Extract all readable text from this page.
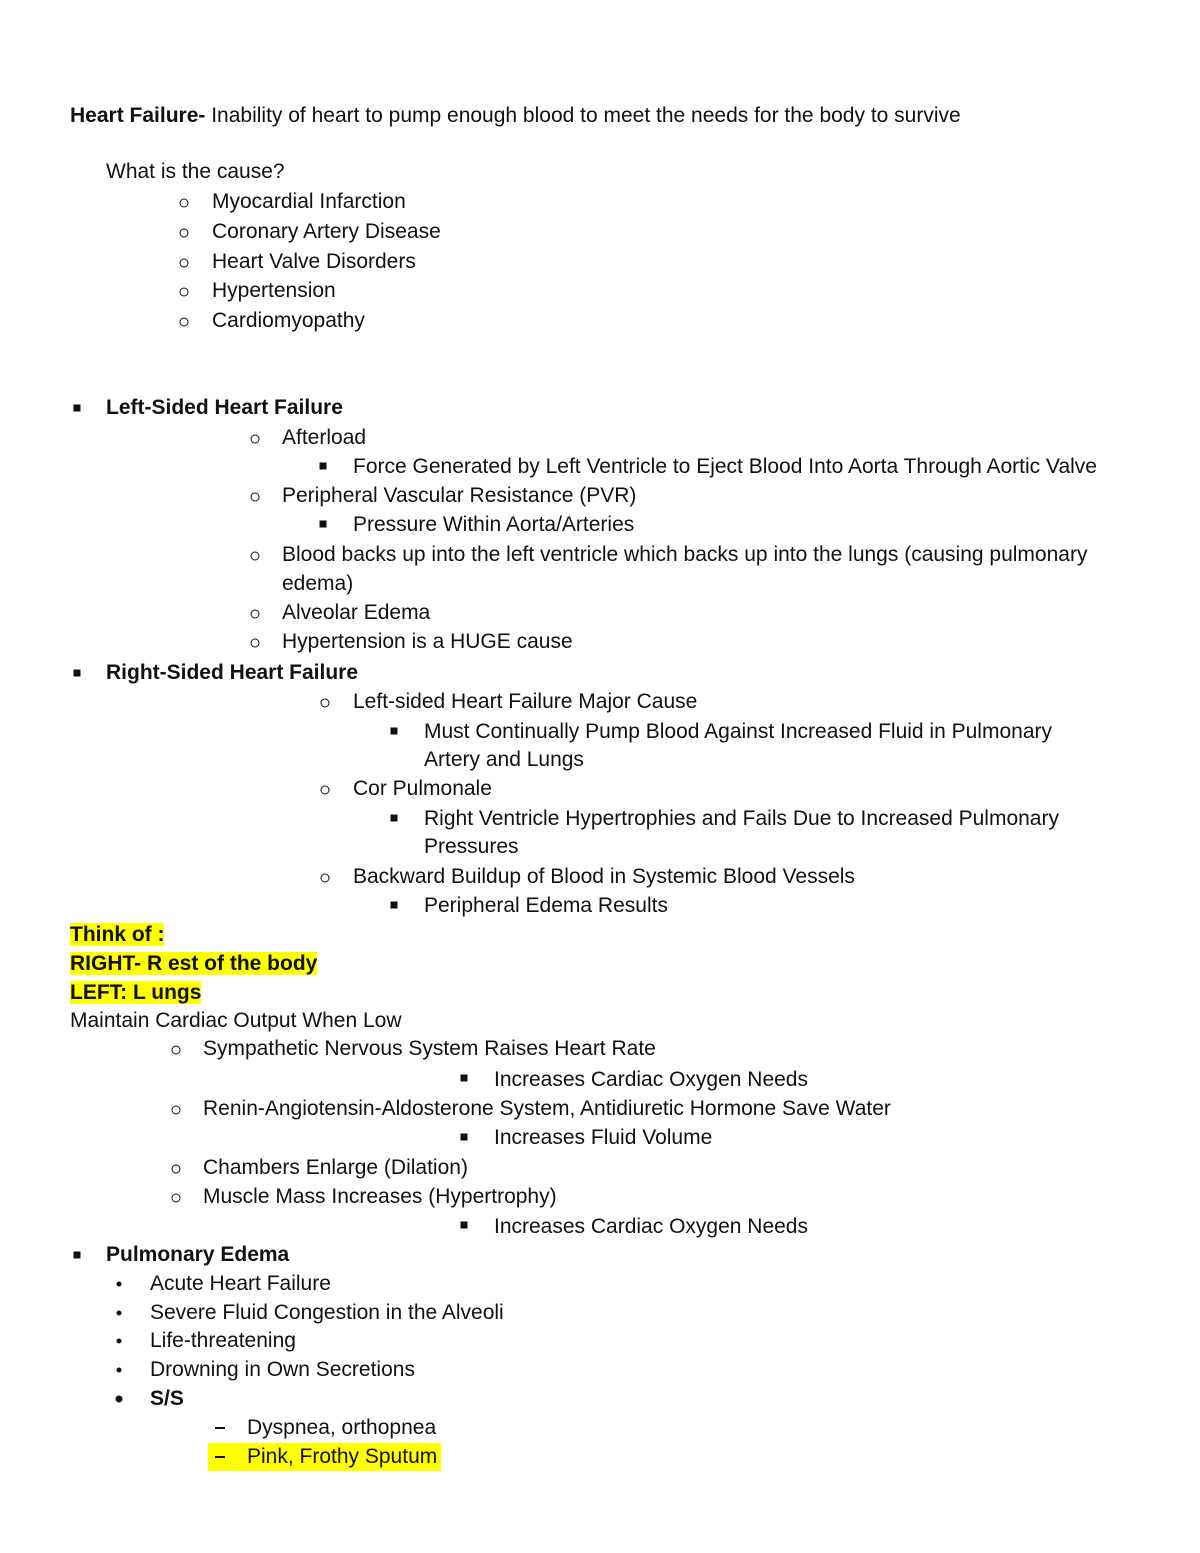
Heart Failure- Inability of heart to pump enough blood to meet the needs for the body to survive
What is the cause?
Myocardial Infarction
Coronary Artery Disease
Heart Valve Disorders
Hypertension
Cardiomyopathy
Left-Sided Heart Failure
Afterload
Force Generated by Left Ventricle to Eject Blood Into Aorta Through Aortic Valve
Peripheral Vascular Resistance (PVR)
Pressure Within Aorta/Arteries
Blood backs up into the left ventricle which backs up into the lungs (causing pulmonary
edema)
Alveolar Edema
Hypertension is a HUGE cause
Right-Sided Heart Failure
Left-sided Heart Failure Major Cause
Must Continually Pump Blood Against Increased Fluid in Pulmonary
Artery and Lungs
Cor Pulmonale
Right Ventricle Hypertrophies and Fails Due to Increased Pulmonary
Pressures
Backward Buildup of Blood in Systemic Blood Vessels
Peripheral Edema Results
Think of :
RIGHT- R est of the body
LEFT: L ungs
Maintain Cardiac Output When Low
Sympathetic Nervous System Raises Heart Rate
Increases Cardiac Oxygen Needs
Renin-Angiotensin-Aldosterone System, Antidiuretic Hormone Save Water
Increases Fluid Volume
Chambers Enlarge (Dilation)
Muscle Mass Increases (Hypertrophy)
Increases Cardiac Oxygen Needs
Pulmonary Edema
Acute Heart Failure
Severe Fluid Congestion in the Alveoli
Life-threatening
Drowning in Own Secretions
S/S
Dyspnea, orthopnea
Pink, Frothy Sputum
